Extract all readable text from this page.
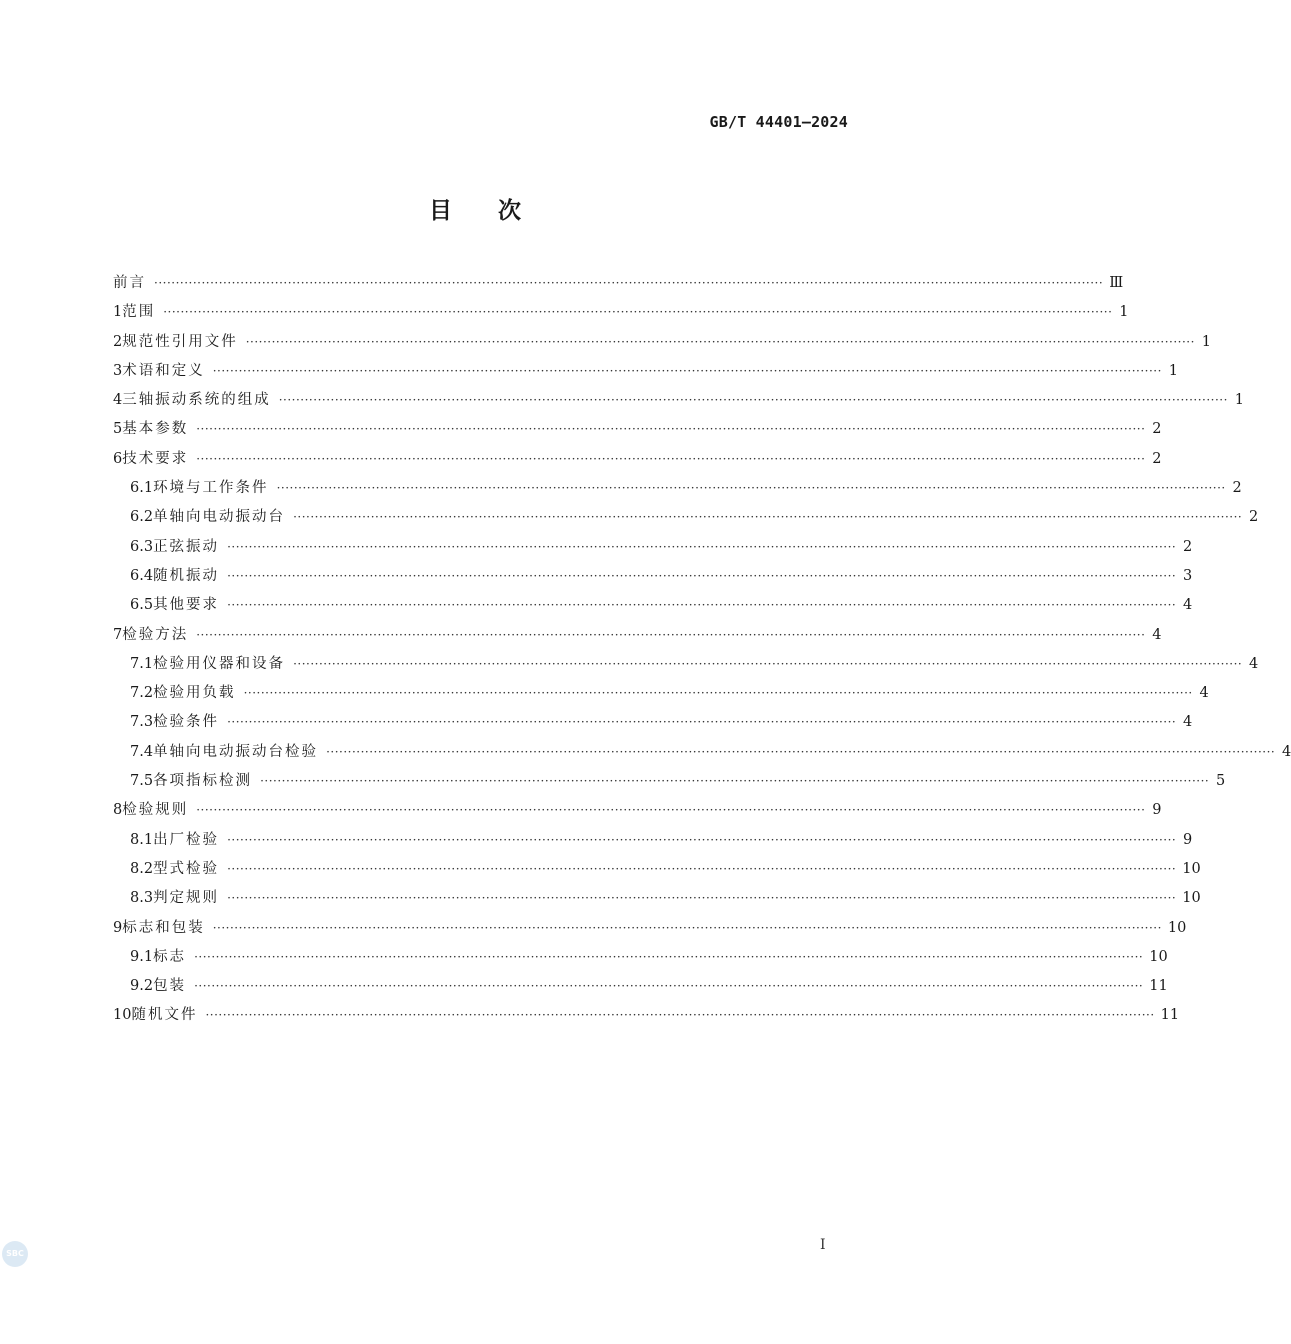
GB/T 44401—2024
目次
前言 ···························································································································································································································· Ⅲ
1 范围 ···························································································································································································································· 1
2 规范性引用文件 ···························································································································································································································· 1
3 术语和定义 ···························································································································································································································· 1
4 三轴振动系统的组成 ···························································································································································································································· 1
5 基本参数 ···························································································································································································································· 2
6 技术要求 ···························································································································································································································· 2
6.1 环境与工作条件 ···························································································································································································································· 2
6.2 单轴向电动振动台 ···························································································································································································································· 2
6.3 正弦振动 ···························································································································································································································· 2
6.4 随机振动 ···························································································································································································································· 3
6.5 其他要求 ···························································································································································································································· 4
7 检验方法 ···························································································································································································································· 4
7.1 检验用仪器和设备 ···························································································································································································································· 4
7.2 检验用负载 ···························································································································································································································· 4
7.3 检验条件 ···························································································································································································································· 4
7.4 单轴向电动振动台检验 ···························································································································································································································· 4
7.5 各项指标检测 ···························································································································································································································· 5
8 检验规则 ···························································································································································································································· 9
8.1 出厂检验 ···························································································································································································································· 9
8.2 型式检验 ···························································································································································································································· 10
8.3 判定规则 ···························································································································································································································· 10
9 标志和包装 ···························································································································································································································· 10
9.1 标志 ···························································································································································································································· 10
9.2 包装 ···························································································································································································································· 11
10 随机文件 ···························································································································································································································· 11
I
SBC
